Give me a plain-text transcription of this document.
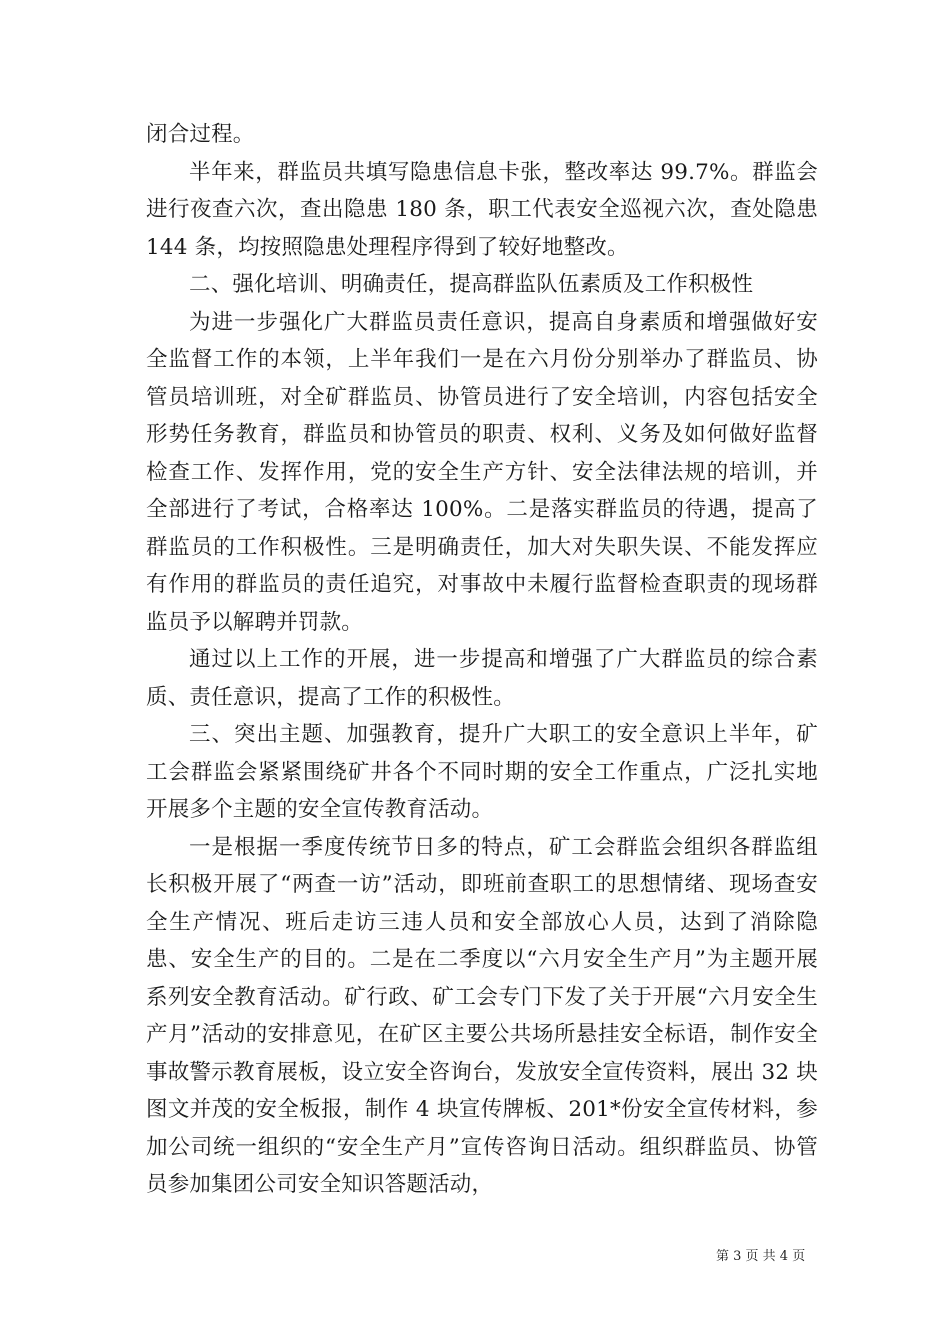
闭合过程。

半年来，群监员共填写隐患信息卡张，整改率达 99.7%。群监会进行夜查六次，查出隐患 180 条，职工代表安全巡视六次，查处隐患 144 条，均按照隐患处理程序得到了较好地整改。

二、强化培训、明确责任，提高群监队伍素质及工作积极性

为进一步强化广大群监员责任意识，提高自身素质和增强做好安全监督工作的本领，上半年我们一是在六月份分别举办了群监员、协管员培训班，对全矿群监员、协管员进行了安全培训，内容包括安全形势任务教育，群监员和协管员的职责、权利、义务及如何做好监督检查工作、发挥作用，党的安全生产方针、安全法律法规的培训，并全部进行了考试，合格率达 100%。二是落实群监员的待遇，提高了群监员的工作积极性。三是明确责任，加大对失职失误、不能发挥应有作用的群监员的责任追究，对事故中未履行监督检查职责的现场群监员予以解聘并罚款。

通过以上工作的开展，进一步提高和增强了广大群监员的综合素质、责任意识，提高了工作的积极性。

三、突出主题、加强教育，提升广大职工的安全意识上半年，矿工会群监会紧紧围绕矿井各个不同时期的安全工作重点，广泛扎实地开展多个主题的安全宣传教育活动。

一是根据一季度传统节日多的特点，矿工会群监会组织各群监组长积极开展了“两查一访”活动，即班前查职工的思想情绪、现场查安全生产情况、班后走访三违人员和安全部放心人员，达到了消除隐患、安全生产的目的。二是在二季度以“六月安全生产月”为主题开展系列安全教育活动。矿行政、矿工会专门下发了关于开展“六月安全生产月”活动的安排意见，在矿区主要公共场所悬挂安全标语，制作安全事故警示教育展板，设立安全咨询台，发放安全宣传资料，展出 32 块图文并茂的安全板报，制作 4 块宣传牌板、201*份安全宣传材料，参加公司统一组织的“安全生产月”宣传咨询日活动。组织群监员、协管员参加集团公司安全知识答题活动，

第 3 页 共 4 页
